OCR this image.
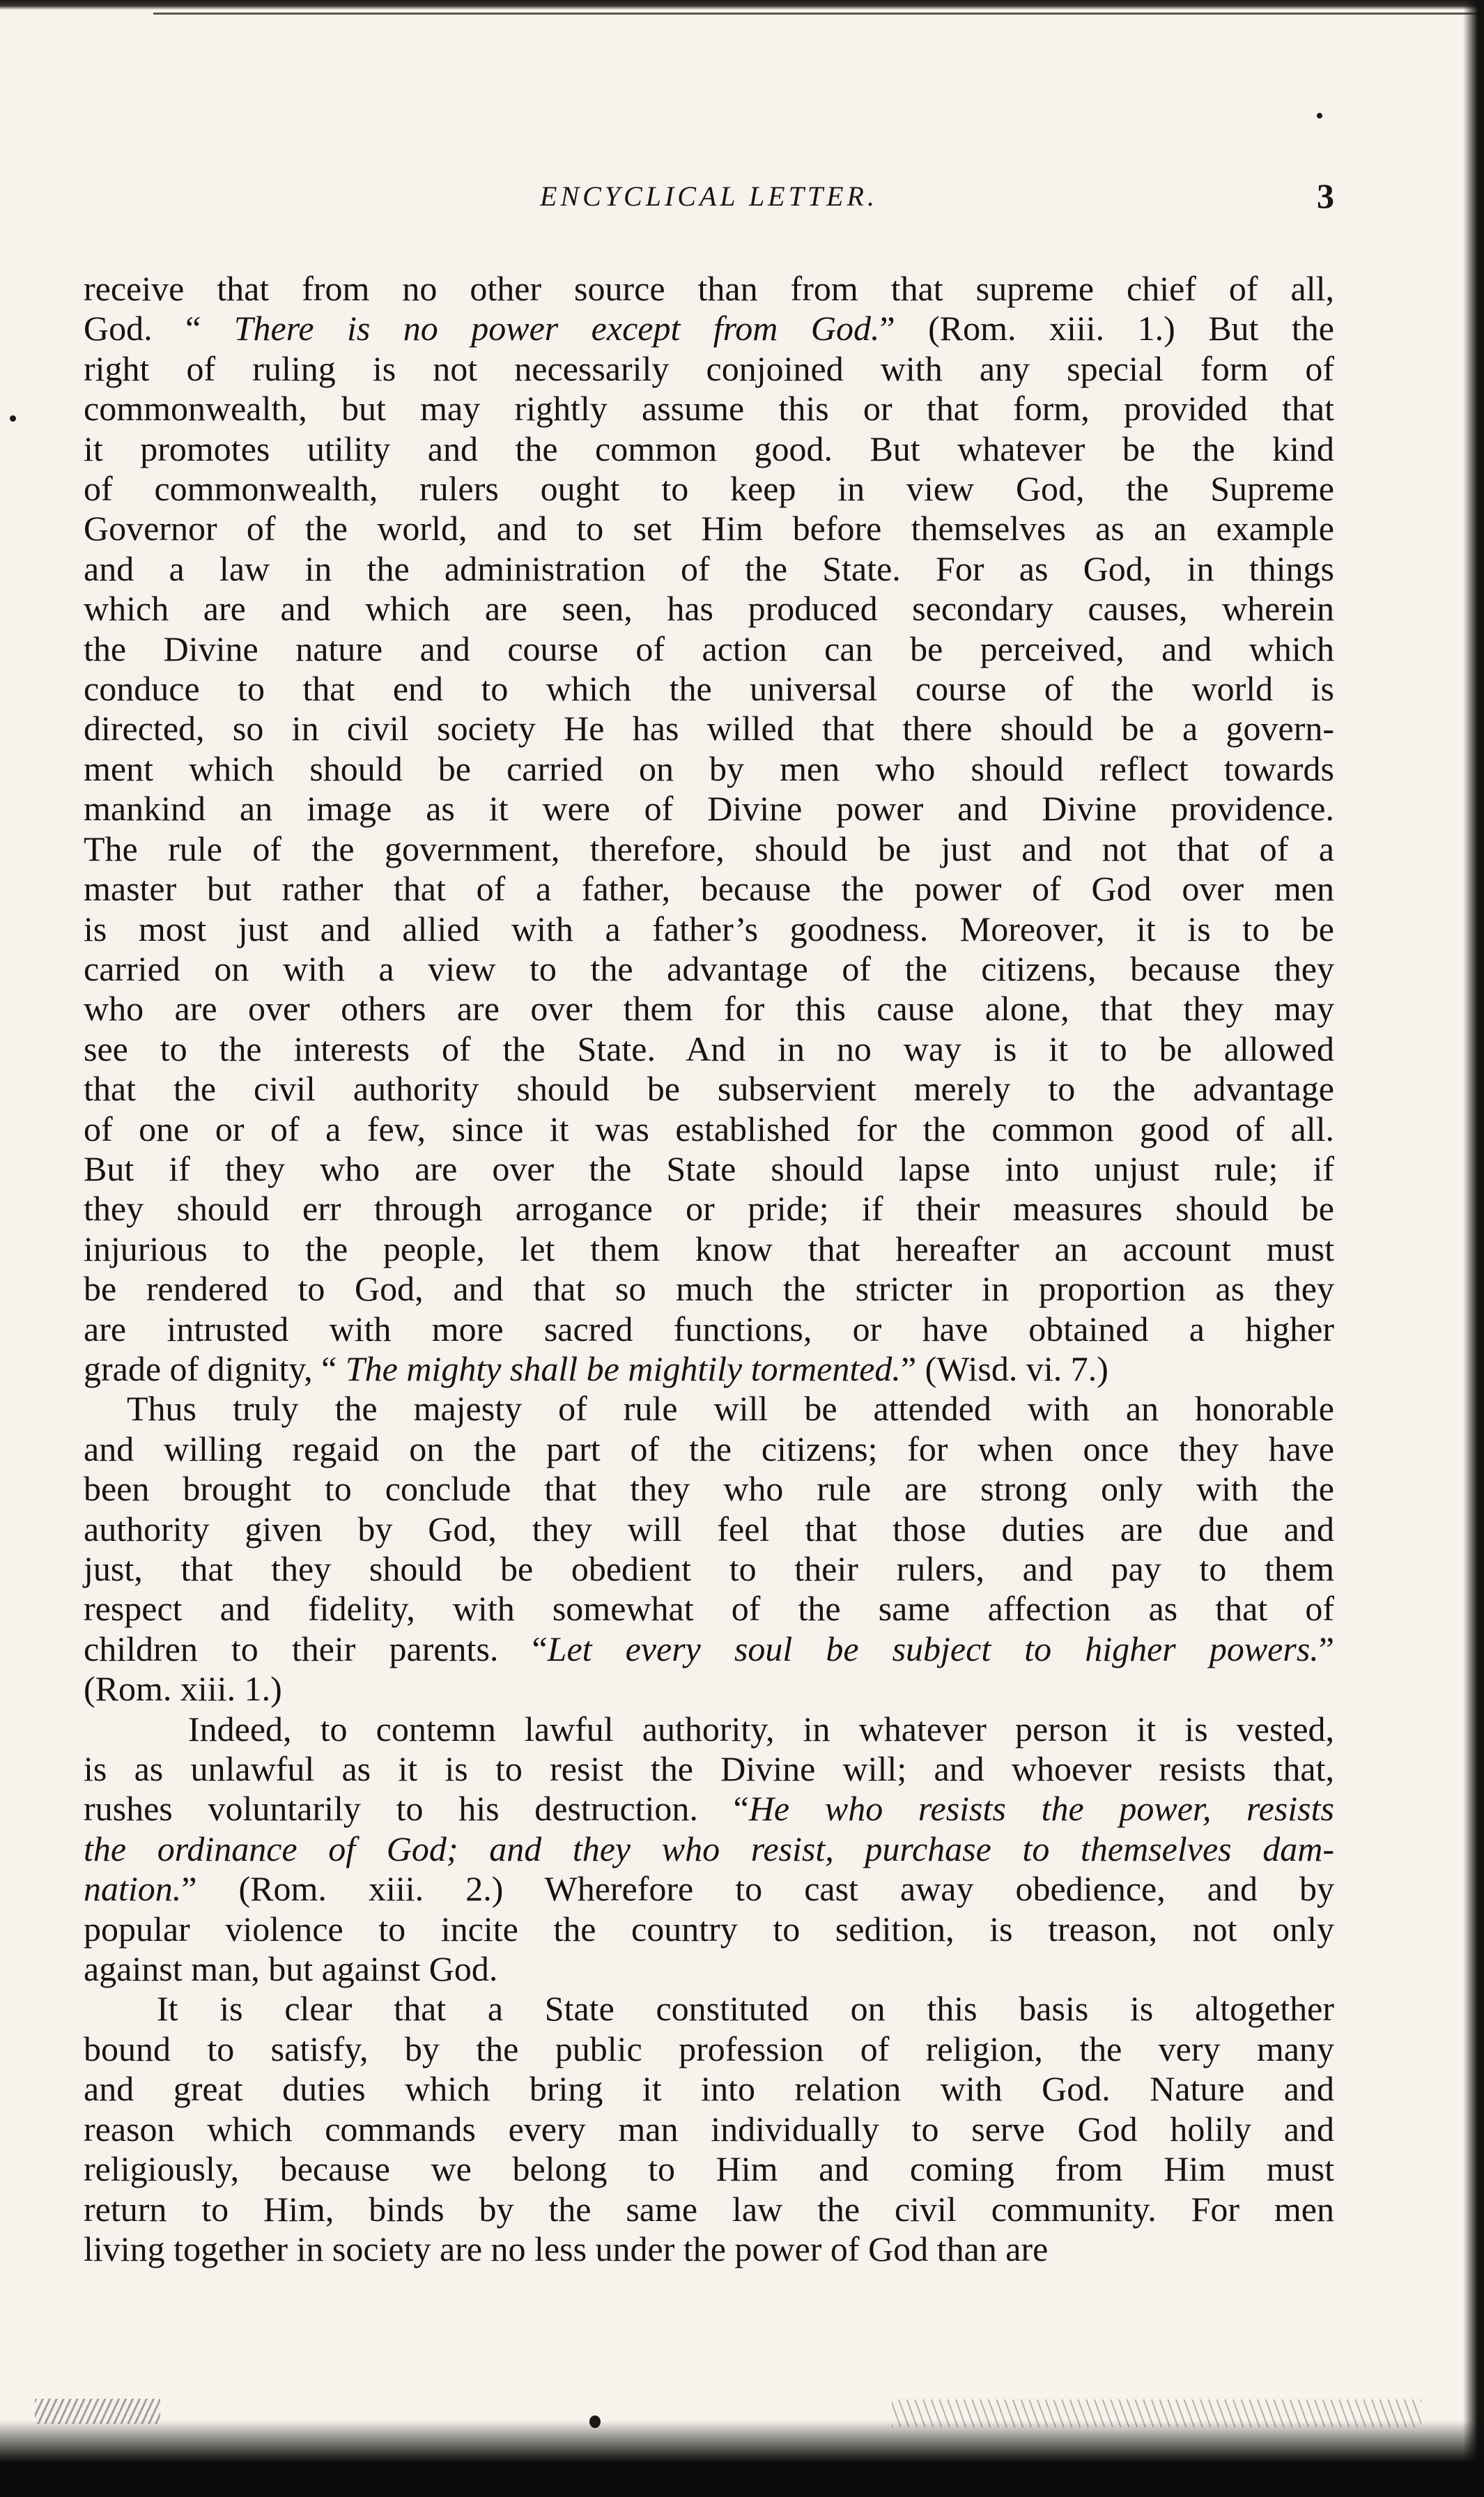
ENCYCLICAL LETTER.	3
receive that from no other source than from that supreme chief of all,
God. “ There is no power except from God.” (Rom. xiii. 1.) But the
right of ruling is not necessarily conjoined with any special form of
commonwealth, but may rightly assume this or that form, provided that
it promotes utility and the common good. But whatever be the kind
of commonwealth, rulers ought to keep in view God, the Supreme
Governor of the world, and to set Him before themselves as an example
and a law in the administration of the State. For as God, in things
which are and which are seen, has produced secondary causes, wherein
the Divine nature and course of action can be perceived, and which
conduce to that end to which the universal course of the world is
directed, so in civil society He has willed that there should be a govern-
ment which should be carried on by men who should reflect towards
mankind an image as it were of Divine power and Divine providence.
The rule of the government, therefore, should be just and not that of a
master but rather that of a father, because the power of God over men
is most just and allied with a father’s goodness. Moreover, it is to be
carried on with a view to the advantage of the citizens, because they
who are over others are over them for this cause alone, that they may
see to the interests of the State. And in no way is it to be allowed
that the civil authority should be subservient merely to the advantage
of one or of a few, since it was established for the common good of all.
But if they who are over the State should lapse into unjust rule; if
they should err through arrogance or pride; if their measures should be
injurious to the people, let them know that hereafter an account must
be rendered to God, and that so much the stricter in proportion as they
are intrusted with more sacred functions, or have obtained a higher
grade of dignity, “ The mighty shall be mightily tormented.” (Wisd. vi. 7.)
Thus truly the majesty of rule will be attended with an honorable
and willing regaid on the part of the citizens; for when once they have
been brought to conclude that they who rule are strong only with the
authority given by God, they will feel that those duties are due and
just, that they should be obedient to their rulers, and pay to them
respect and fidelity, with somewhat of the same affection as that of
children to their parents. “Let every soul be subject to higher powers.”
(Rom. xiii. 1.)
Indeed, to contemn lawful authority, in whatever person it is vested,
is as unlawful as it is to resist the Divine will; and whoever resists that,
rushes voluntarily to his destruction. “He who resists the power, resists
the ordinance of God; and they who resist, purchase to themselves dam-
nation.” (Rom. xiii. 2.) Wherefore to cast away obedience, and by
popular violence to incite the country to sedition, is treason, not only
against man, but against God.
It is clear that a State constituted on this basis is altogether
bound to satisfy, by the public profession of religion, the very many
and great duties which bring it into relation with God. Nature and
reason which commands every man individually to serve God holily and
religiously, because we belong to Him and coming from Him must
return to Him, binds by the same law the civil community. For men
living together in society are no less under the power of God than are
